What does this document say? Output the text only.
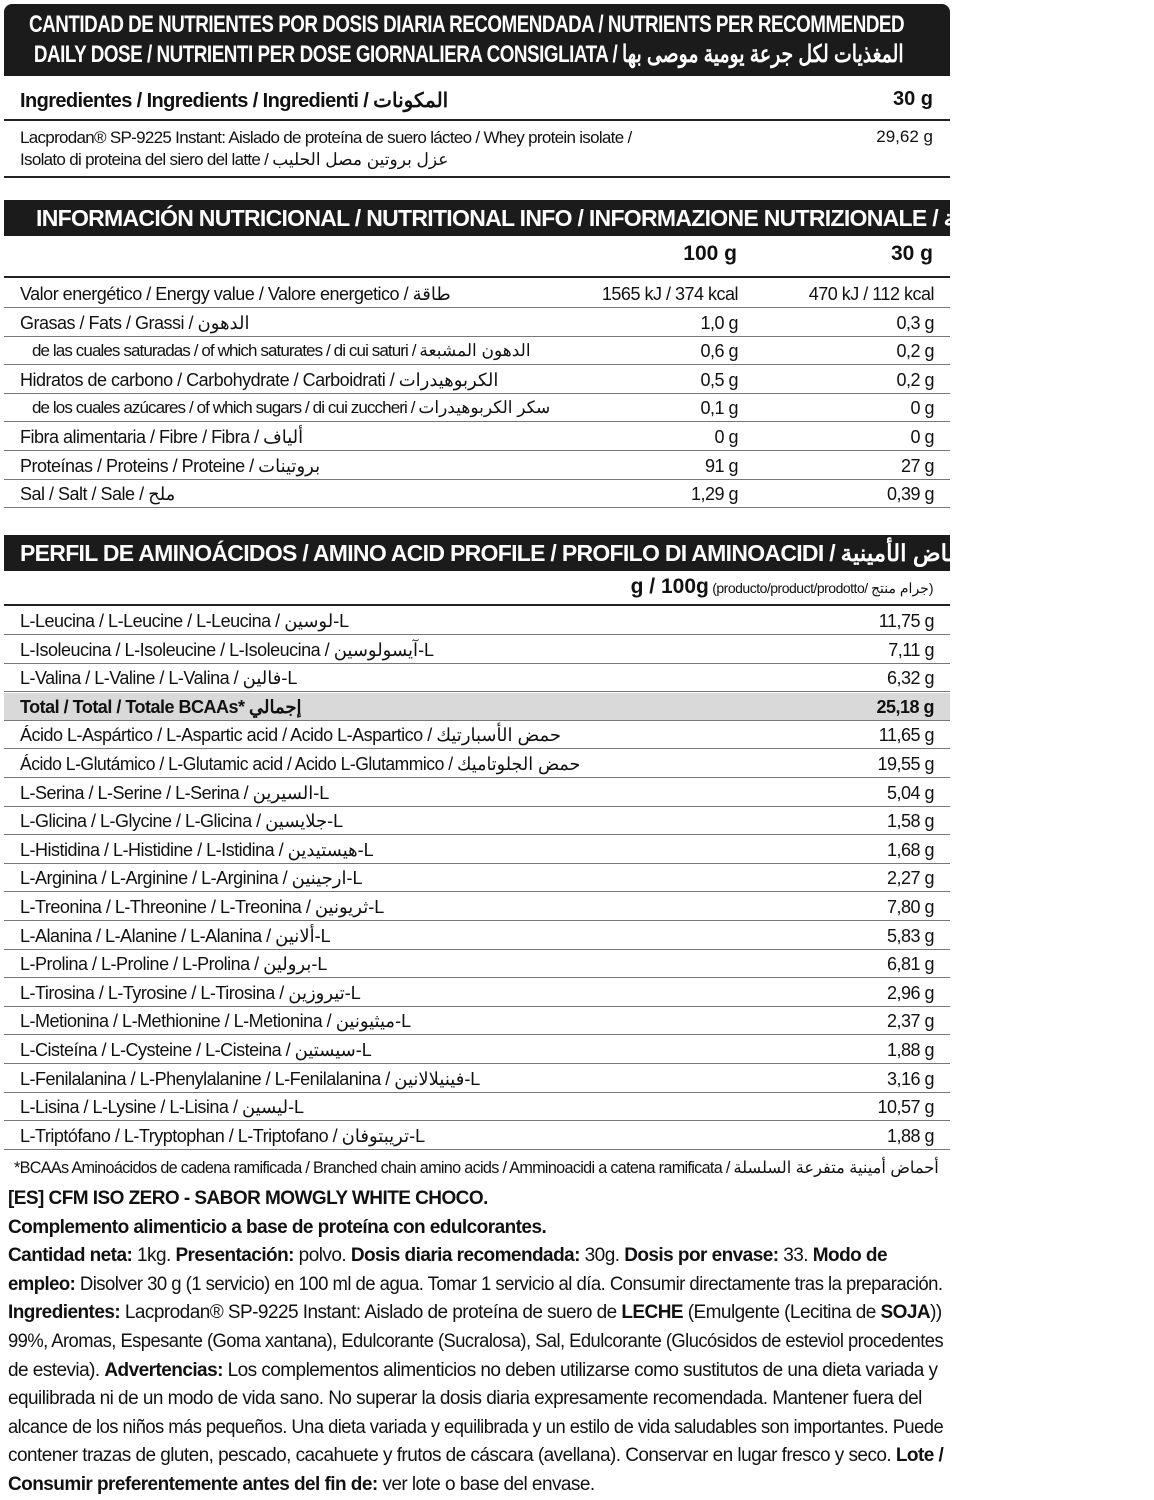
CANTIDAD DE NUTRIENTES POR DOSIS DIARIA RECOMENDADA / NUTRIENTS PER RECOMMENDED DAILY DOSE / NUTRIENTI PER DOSE GIORNALIERA CONSIGLIATA / المغذيات لكل جرعة يومية موصى بها
Ingredientes / Ingredients / Ingredienti / المكونات	30 g
Lacprodan® SP-9225 Instant: Aislado de proteína de suero lácteo / Whey protein isolate /
Isolato di proteina del siero del latte / عزل بروتين مصل الحليب
29,62 g
INFORMACIÓN NUTRICIONAL / NUTRITIONAL INFO / INFORMAZIONE NUTRIZIONALE / معلومات غذائية
100 g	30 g
Valor energético / Energy value / Valore energetico / طاقة	1565 kJ / 374 kcal	470 kJ / 112 kcal
Grasas / Fats / Grassi / الدهون	1,0 g	0,3 g
de las cuales saturadas / of which saturates / di cui saturi / الدهون المشبعة	0,6 g	0,2 g
Hidratos de carbono / Carbohydrate / Carboidrati / الكربوهيدرات	0,5 g	0,2 g
de los cuales azúcares / of which sugars / di cui zuccheri / سكر الكربوهيدرات	0,1 g	0 g
Fibra alimentaria / Fibre / Fibra / ألياف	0 g	0 g
Proteínas / Proteins / Proteine / بروتينات	91 g	27 g
Sal / Salt / Sale / ملح	1,29 g	0,39 g
PERFIL DE AMINOÁCIDOS / AMINO ACID PROFILE / PROFILO DI AMINOACIDI / ملف تعريف الأحماض الأمينية
g / 100g (producto/product/prodotto/ جرام منتج)
L-Leucina / L-Leucine / L-Leucina / لوسين-L	11,75 g
L-Isoleucina / L-Isoleucine / L-Isoleucina / آيسولوسين-L	7,11 g
L-Valina / L-Valine / L-Valina / فالين-L	6,32 g
Total / Total / Totale BCAAs* إجمالي	25,18 g
Ácido L-Aspártico / L-Aspartic acid / Acido L-Aspartico / حمض الأسبارتيك	11,65 g
Ácido L-Glutámico / L-Glutamic acid / Acido L-Glutammico / حمض الجلوتاميك	19,55 g
L-Serina / L-Serine / L-Serina / السيرين-L	5,04 g
L-Glicina / L-Glycine / L-Glicina / جلايسين-L	1,58 g
L-Histidina / L-Histidine / L-Istidina / هيستيدين-L	1,68 g
L-Arginina / L-Arginine / L-Arginina / ارجينين-L	2,27 g
L-Treonina / L-Threonine / L-Treonina / ثريونين-L	7,80 g
L-Alanina / L-Alanine / L-Alanina / ألانين-L	5,83 g
L-Prolina / L-Proline / L-Prolina / برولين-L	6,81 g
L-Tirosina / L-Tyrosine / L-Tirosina / تيروزين-L	2,96 g
L-Metionina / L-Methionine / L-Metionina / ميثيونين-L	2,37 g
L-Cisteína / L-Cysteine / L-Cisteina / سيستين-L	1,88 g
L-Fenilalanina / L-Phenylalanine / L-Fenilalanina / فينيلالانين-L	3,16 g
L-Lisina / L-Lysine / L-Lisina / ليسين-L	10,57 g
L-Triptófano / L-Tryptophan / L-Triptofano / تريبتوفان-L	1,88 g
*BCAAs Aminoácidos de cadena ramificada / Branched chain amino acids / Amminoacidi a catena ramificata / أحماض أمينية متفرعة السلسلة
[ES] CFM ISO ZERO - SABOR MOWGLY WHITE CHOCO.
Complemento alimenticio a base de proteína con edulcorantes.
Cantidad neta: 1kg. Presentación: polvo. Dosis diaria recomendada: 30g. Dosis por envase: 33. Modo de
empleo: Disolver 30 g (1 servicio) en 100 ml de agua. Tomar 1 servicio al día. Consumir directamente tras la preparación.
Ingredientes: Lacprodan® SP-9225 Instant: Aislado de proteína de suero de LECHE (Emulgente (Lecitina de SOJA))
99%, Aromas, Espesante (Goma xantana), Edulcorante (Sucralosa), Sal, Edulcorante (Glucósidos de esteviol procedentes
de estevia). Advertencias: Los complementos alimenticios no deben utilizarse como sustitutos de una dieta variada y
equilibrada ni de un modo de vida sano. No superar la dosis diaria expresamente recomendada. Mantener fuera del
alcance de los niños más pequeños. Una dieta variada y equilibrada y un estilo de vida saludables son importantes. Puede
contener trazas de gluten, pescado, cacahuete y frutos de cáscara (avellana). Conservar en lugar fresco y seco. Lote /
Consumir preferentemente antes del fin de: ver lote o base del envase.
